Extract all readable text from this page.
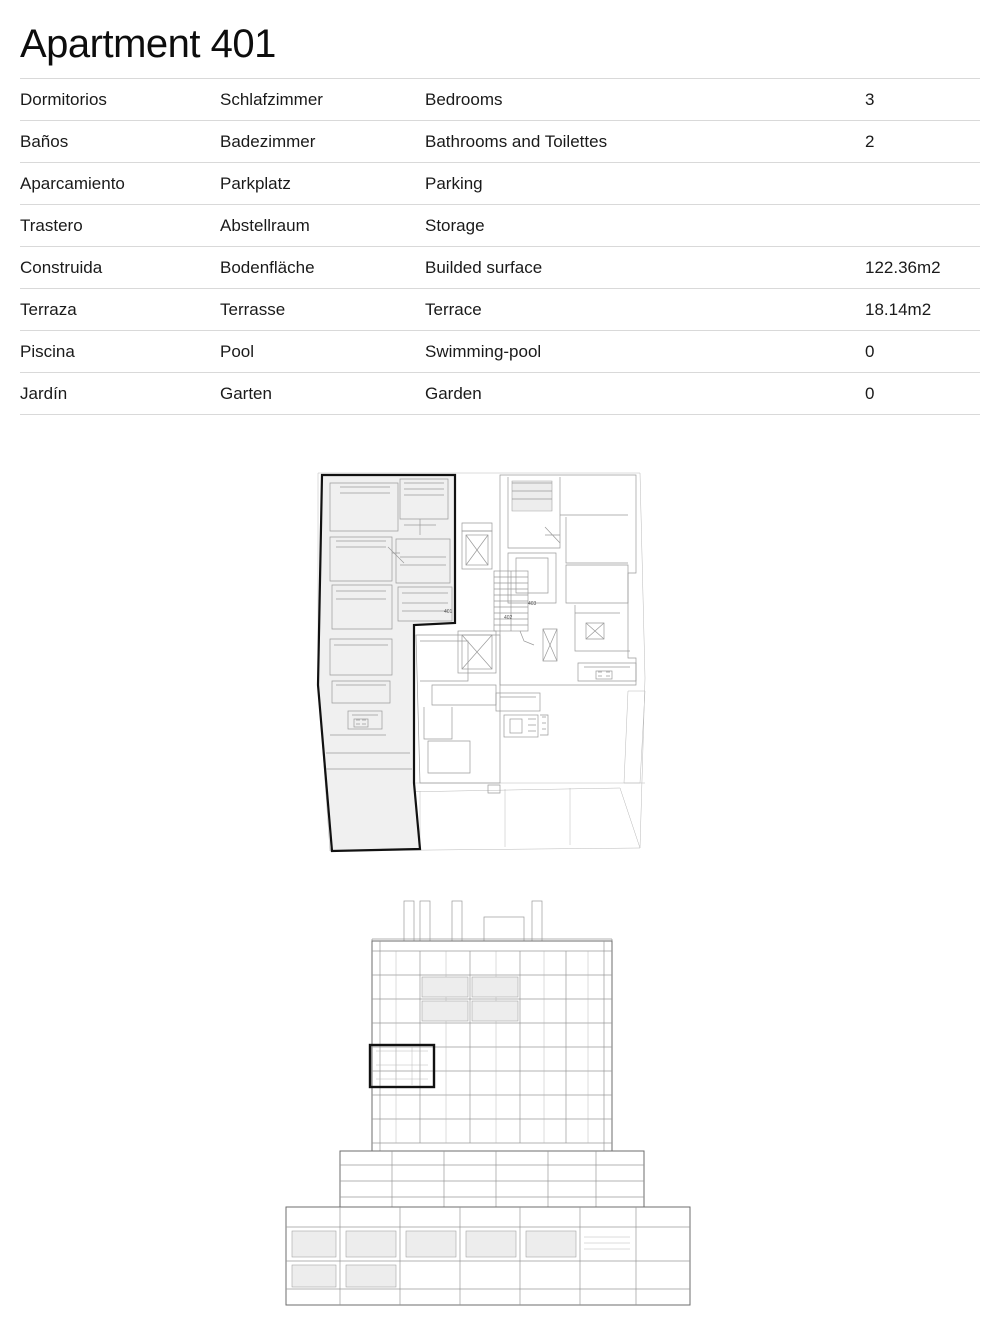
Apartment 401
Dormitorios	Schlafzimmer	Bedrooms	3
Baños	Badezimmer	Bathrooms and Toilettes	2
Aparcamiento	Parkplatz	Parking	
Trastero	Abstellraum	Storage	
Construida	Bodenfläche	Builded surface	122.36m2
Terraza	Terrasse	Terrace	18.14m2
Piscina	Pool	Swimming-pool	0
Jardín	Garten	Garden	0
401
402
403
